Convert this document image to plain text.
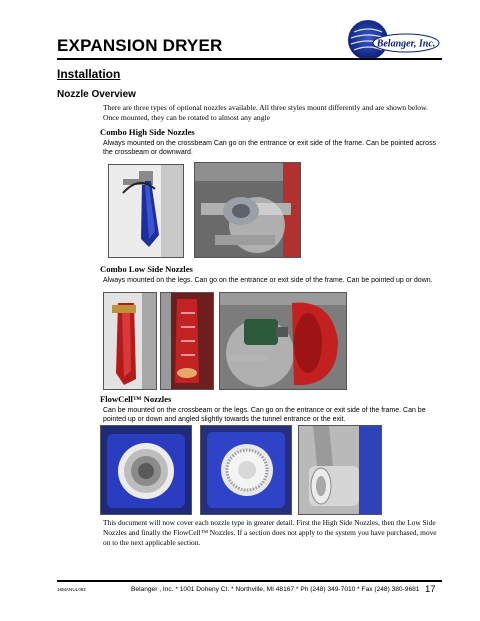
Belanger, Inc.
EXPANSION DRYER
Installation
Nozzle Overview
There are three types of optional nozzles available. All three styles mount differently and are shown below. Once mounted, they can be rotated to almost any angle
Combo High Side Nozzles
Always mounted on the crossbeam Can go on the entrance or exit side of the frame. Can be pointed across the crossbeam or downward.
Combo Low Side Nozzles
Always mounted on the legs. Can go on the entrance or exit side of the frame. Can be pointed up or down.
FlowCell™ Nozzles
Can be mounted on the crossbeam or the legs. Can go on the entrance or exit side of the frame. Can be pointed up or down and angled slightly towards the tunnel entrance or the exit.
This document will now cover each nozzle type in greater detail. First the High Side Nozzles, then the Low Side Nozzles and finally the FlowCell™ Nozzles. If a section does not apply to the system you have purchased, move on to the next applicable section.
16MANUL092	Belanger , Inc. * 1001 Doheny Ct. * Northville, MI 48167 * Ph (248) 349-7010 * Fax (248) 380-9681 17
